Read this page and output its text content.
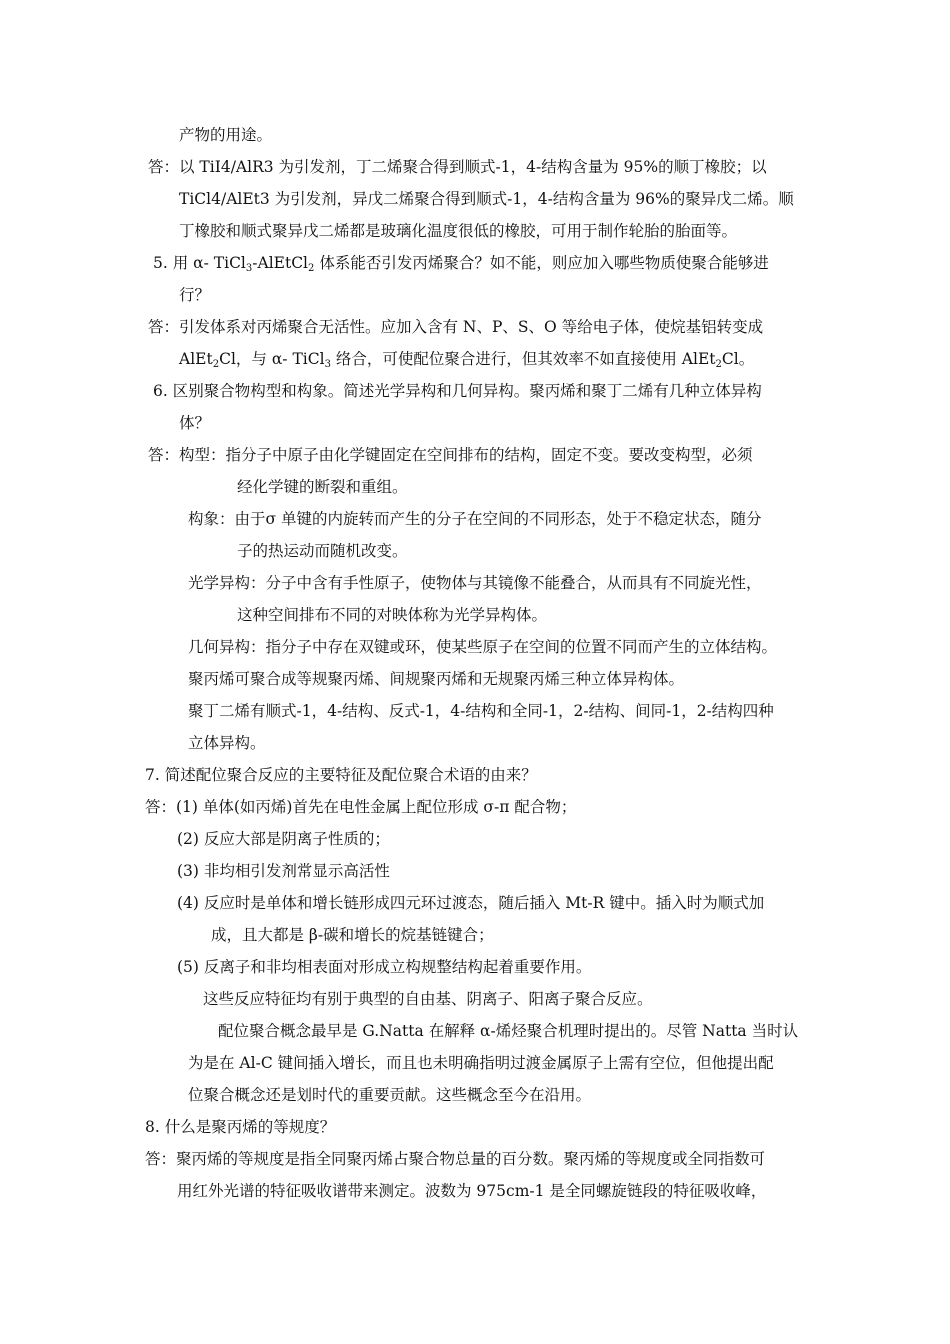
产物的用途。
答：以 TiI4/AlR3 为引发剂，丁二烯聚合得到顺式-1，4-结构含量为 95%的顺丁橡胶；以
TiCl4/AlEt3 为引发剂，异戊二烯聚合得到顺式-1，4-结构含量为 96%的聚异戊二烯。顺
丁橡胶和顺式聚异戊二烯都是玻璃化温度很低的橡胶，可用于制作轮胎的胎面等。
5. 用 α- TiCl$_3$-AlEtCl$_2$ 体系能否引发丙烯聚合？如不能，则应加入哪些物质使聚合能够进
行？
答：引发体系对丙烯聚合无活性。应加入含有 N、P、S、O 等给电子体，使烷基铝转变成
AlEt$_2$Cl，与 α- TiCl$_3$ 络合，可使配位聚合进行，但其效率不如直接使用 AlEt$_2$Cl。
6. 区别聚合物构型和构象。简述光学异构和几何异构。聚丙烯和聚丁二烯有几种立体异构
体？
答：构型：指分子中原子由化学键固定在空间排布的结构，固定不变。要改变构型，必须
经化学键的断裂和重组。
构象：由于σ 单键的内旋转而产生的分子在空间的不同形态，处于不稳定状态，随分
子的热运动而随机改变。
光学异构：分子中含有手性原子，使物体与其镜像不能叠合，从而具有不同旋光性，
这种空间排布不同的对映体称为光学异构体。
几何异构：指分子中存在双键或环，使某些原子在空间的位置不同而产生的立体结构。
聚丙烯可聚合成等规聚丙烯、间规聚丙烯和无规聚丙烯三种立体异构体。
聚丁二烯有顺式-1，4-结构、反式-1，4-结构和全同-1，2-结构、间同-1，2-结构四种
立体异构。
7. 简述配位聚合反应的主要特征及配位聚合术语的由来？
答：(1) 单体(如丙烯)首先在电性金属上配位形成 σ-π 配合物；
(2) 反应大部是阴离子性质的；
(3) 非均相引发剂常显示高活性
(4) 反应时是单体和增长链形成四元环过渡态，随后插入 Mt-R 键中。插入时为顺式加
成，且大都是 β-碳和增长的烷基链键合；
(5) 反离子和非均相表面对形成立构规整结构起着重要作用。
这些反应特征均有别于典型的自由基、阴离子、阳离子聚合反应。
配位聚合概念最早是 G.Natta 在解释 α-烯烃聚合机理时提出的。尽管 Natta 当时认
为是在 Al-C 键间插入增长，而且也未明确指明过渡金属原子上需有空位，但他提出配
位聚合概念还是划时代的重要贡献。这些概念至今在沿用。
8. 什么是聚丙烯的等规度？
答：聚丙烯的等规度是指全同聚丙烯占聚合物总量的百分数。聚丙烯的等规度或全同指数可
用红外光谱的特征吸收谱带来测定。波数为 975cm-1 是全同螺旋链段的特征吸收峰，
